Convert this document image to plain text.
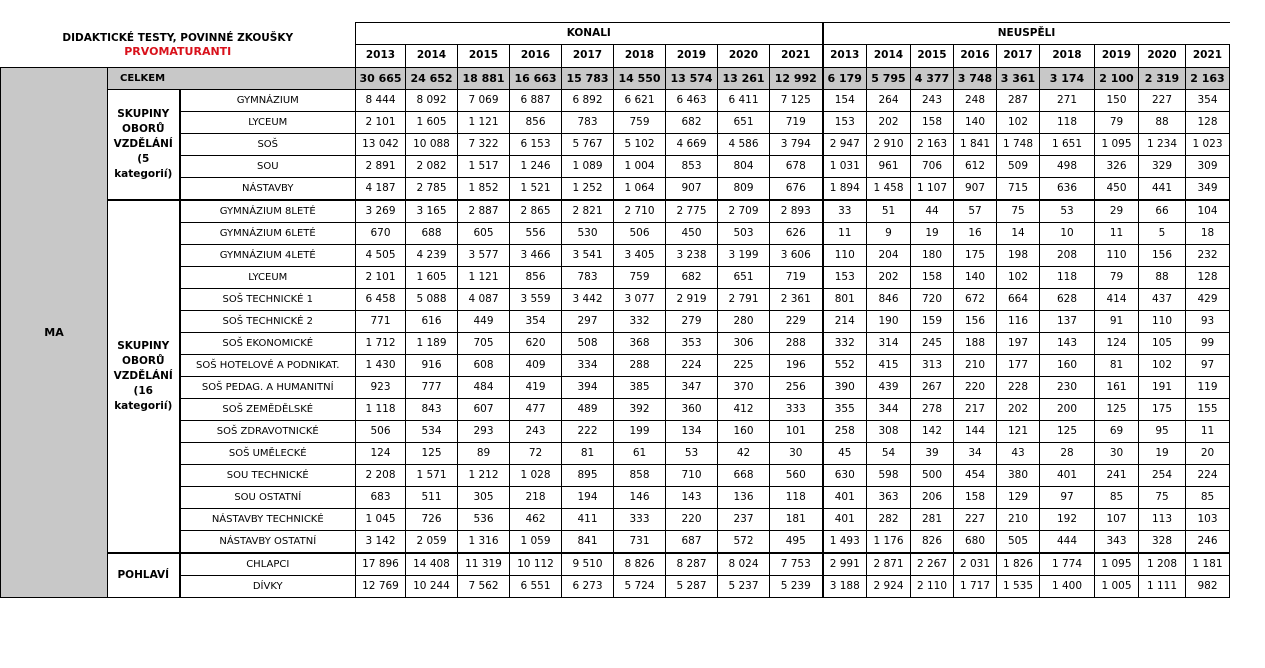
DIDAKTICKÉ TESTY, POVINNÉ ZKOUŠKY
PRVOMATURANTI			KONALI									NEUSPĚLI								
			2013	2014	2015	2016	2017	2018	2019	2020	2021	2013	2014	2015	2016	2017	2018	2019	2020	2021
MA	CELKEM		30 665	24 652	18 881	16 663	15 783	14 550	13 574	13 261	12 992	6 179	5 795	4 377	3 748	3 361	3 174	2 100	2 319	2 163
	SKUPINY OBORŮ VZDĚLÁNÍ (5 kategorií)	GYMNÁZIUM	8 444	8 092	7 069	6 887	6 892	6 621	6 463	6 411	7 125	154	264	243	248	287	271	150	227	354
		LYCEUM	2 101	1 605	1 121	856	783	759	682	651	719	153	202	158	140	102	118	79	88	128
		SOŠ	13 042	10 088	7 322	6 153	5 767	5 102	4 669	4 586	3 794	2 947	2 910	2 163	1 841	1 748	1 651	1 095	1 234	1 023
		SOU	2 891	2 082	1 517	1 246	1 089	1 004	853	804	678	1 031	961	706	612	509	498	326	329	309
		NÁSTAVBY	4 187	2 785	1 852	1 521	1 252	1 064	907	809	676	1 894	1 458	1 107	907	715	636	450	441	349
	SKUPINY OBORŮ VZDĚLÁNÍ (16 kategorií)	GYMNÁZIUM 8LETÉ	3 269	3 165	2 887	2 865	2 821	2 710	2 775	2 709	2 893	33	51	44	57	75	53	29	66	104
		GYMNÁZIUM 6LETÉ	670	688	605	556	530	506	450	503	626	11	9	19	16	14	10	11	5	18
		GYMNÁZIUM 4LETÉ	4 505	4 239	3 577	3 466	3 541	3 405	3 238	3 199	3 606	110	204	180	175	198	208	110	156	232
		LYCEUM	2 101	1 605	1 121	856	783	759	682	651	719	153	202	158	140	102	118	79	88	128
		SOŠ TECHNICKÉ 1	6 458	5 088	4 087	3 559	3 442	3 077	2 919	2 791	2 361	801	846	720	672	664	628	414	437	429
		SOŠ TECHNICKÉ 2	771	616	449	354	297	332	279	280	229	214	190	159	156	116	137	91	110	93
		SOŠ EKONOMICKÉ	1 712	1 189	705	620	508	368	353	306	288	332	314	245	188	197	143	124	105	99
		SOŠ HOTELOVÉ A PODNIKAT.	1 430	916	608	409	334	288	224	225	196	552	415	313	210	177	160	81	102	97
		SOŠ PEDAG. A HUMANITNÍ	923	777	484	419	394	385	347	370	256	390	439	267	220	228	230	161	191	119
		SOŠ ZEMĚDĚLSKÉ	1 118	843	607	477	489	392	360	412	333	355	344	278	217	202	200	125	175	155
		SOŠ ZDRAVOTNICKÉ	506	534	293	243	222	199	134	160	101	258	308	142	144	121	125	69	95	11
		SOŠ UMĚLECKÉ	124	125	89	72	81	61	53	42	30	45	54	39	34	43	28	30	19	20
		SOU TECHNICKÉ	2 208	1 571	1 212	1 028	895	858	710	668	560	630	598	500	454	380	401	241	254	224
		SOU OSTATNÍ	683	511	305	218	194	146	143	136	118	401	363	206	158	129	97	85	75	85
		NÁSTAVBY TECHNICKÉ	1 045	726	536	462	411	333	220	237	181	401	282	281	227	210	192	107	113	103
		NÁSTAVBY OSTATNÍ	3 142	2 059	1 316	1 059	841	731	687	572	495	1 493	1 176	826	680	505	444	343	328	246
	POHLAVÍ	CHLAPCI	17 896	14 408	11 319	10 112	9 510	8 826	8 287	8 024	7 753	2 991	2 871	2 267	2 031	1 826	1 774	1 095	1 208	1 181
		DÍVKY	12 769	10 244	7 562	6 551	6 273	5 724	5 287	5 237	5 239	3 188	2 924	2 110	1 717	1 535	1 400	1 005	1 111	982
